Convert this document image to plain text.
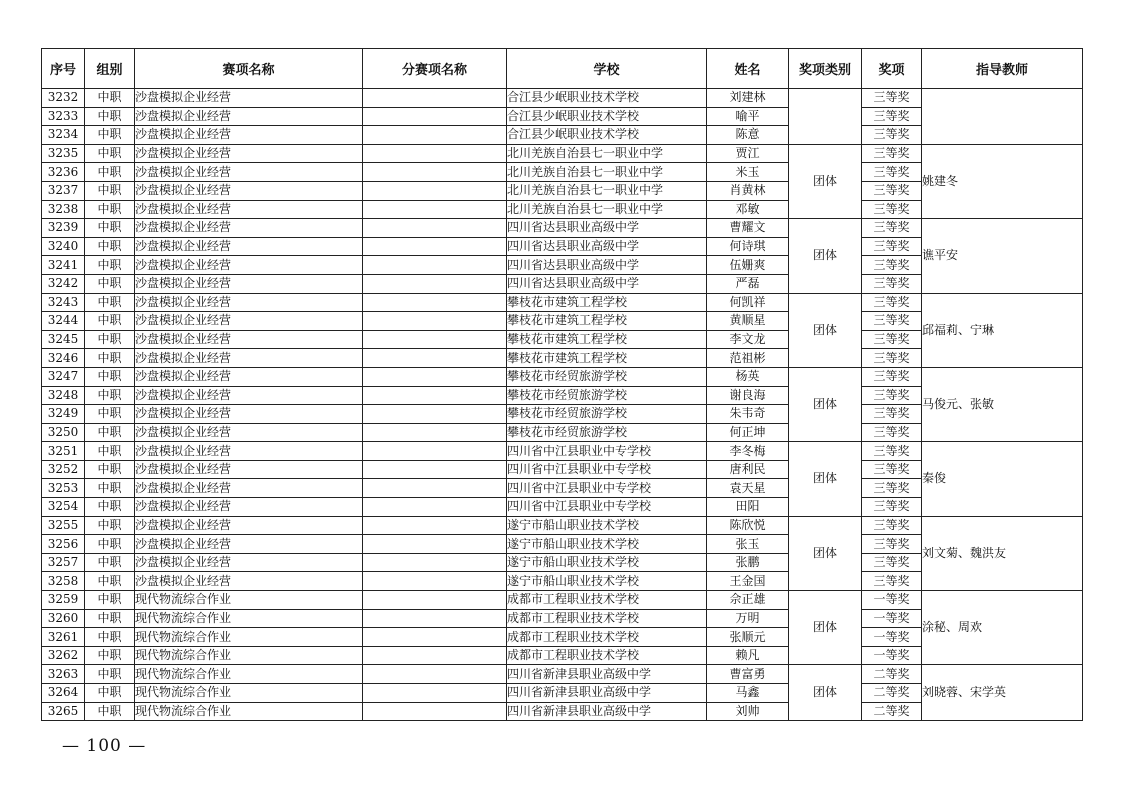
序号	组别	赛项名称	分赛项名称	学校	姓名	奖项类别	奖项	指导教师
3232	中职	沙盘模拟企业经营		合江县少岷职业技术学校	刘建林		三等奖	
3233	中职	沙盘模拟企业经营		合江县少岷职业技术学校	喻平		三等奖	
3234	中职	沙盘模拟企业经营		合江县少岷职业技术学校	陈意		三等奖	
3235	中职	沙盘模拟企业经营		北川羌族自治县七一职业中学	贾江	团体	三等奖	姚建冬
3236	中职	沙盘模拟企业经营		北川羌族自治县七一职业中学	米玉		三等奖	
3237	中职	沙盘模拟企业经营		北川羌族自治县七一职业中学	肖黄林		三等奖	
3238	中职	沙盘模拟企业经营		北川羌族自治县七一职业中学	邓敏		三等奖	
3239	中职	沙盘模拟企业经营		四川省达县职业高级中学	曹耀文	团体	三等奖	谯平安
3240	中职	沙盘模拟企业经营		四川省达县职业高级中学	何诗琪		三等奖	
3241	中职	沙盘模拟企业经营		四川省达县职业高级中学	伍姗爽		三等奖	
3242	中职	沙盘模拟企业经营		四川省达县职业高级中学	严磊		三等奖	
3243	中职	沙盘模拟企业经营		攀枝花市建筑工程学校	何凯祥	团体	三等奖	邱福莉、宁琳
3244	中职	沙盘模拟企业经营		攀枝花市建筑工程学校	黄顺星		三等奖	
3245	中职	沙盘模拟企业经营		攀枝花市建筑工程学校	李文龙		三等奖	
3246	中职	沙盘模拟企业经营		攀枝花市建筑工程学校	范祖彬		三等奖	
3247	中职	沙盘模拟企业经营		攀枝花市经贸旅游学校	杨英	团体	三等奖	马俊元、张敏
3248	中职	沙盘模拟企业经营		攀枝花市经贸旅游学校	谢良海		三等奖	
3249	中职	沙盘模拟企业经营		攀枝花市经贸旅游学校	朱韦奇		三等奖	
3250	中职	沙盘模拟企业经营		攀枝花市经贸旅游学校	何正坤		三等奖	
3251	中职	沙盘模拟企业经营		四川省中江县职业中专学校	李冬梅	团体	三等奖	秦俊
3252	中职	沙盘模拟企业经营		四川省中江县职业中专学校	唐利民		三等奖	
3253	中职	沙盘模拟企业经营		四川省中江县职业中专学校	袁天星		三等奖	
3254	中职	沙盘模拟企业经营		四川省中江县职业中专学校	田阳		三等奖	
3255	中职	沙盘模拟企业经营		遂宁市船山职业技术学校	陈欣悦	团体	三等奖	刘文菊、魏洪友
3256	中职	沙盘模拟企业经营		遂宁市船山职业技术学校	张玉		三等奖	
3257	中职	沙盘模拟企业经营		遂宁市船山职业技术学校	张鹏		三等奖	
3258	中职	沙盘模拟企业经营		遂宁市船山职业技术学校	王金国		三等奖	
3259	中职	现代物流综合作业		成都市工程职业技术学校	佘正雄	团体	一等奖	涂秘、周欢
3260	中职	现代物流综合作业		成都市工程职业技术学校	万明		一等奖	
3261	中职	现代物流综合作业		成都市工程职业技术学校	张顺元		一等奖	
3262	中职	现代物流综合作业		成都市工程职业技术学校	赖凡		一等奖	
3263	中职	现代物流综合作业		四川省新津县职业高级中学	曹富勇	团体	二等奖	刘晓蓉、宋学英
3264	中职	现代物流综合作业		四川省新津县职业高级中学	马鑫		二等奖	
3265	中职	现代物流综合作业		四川省新津县职业高级中学	刘帅		二等奖	
— 100 —
